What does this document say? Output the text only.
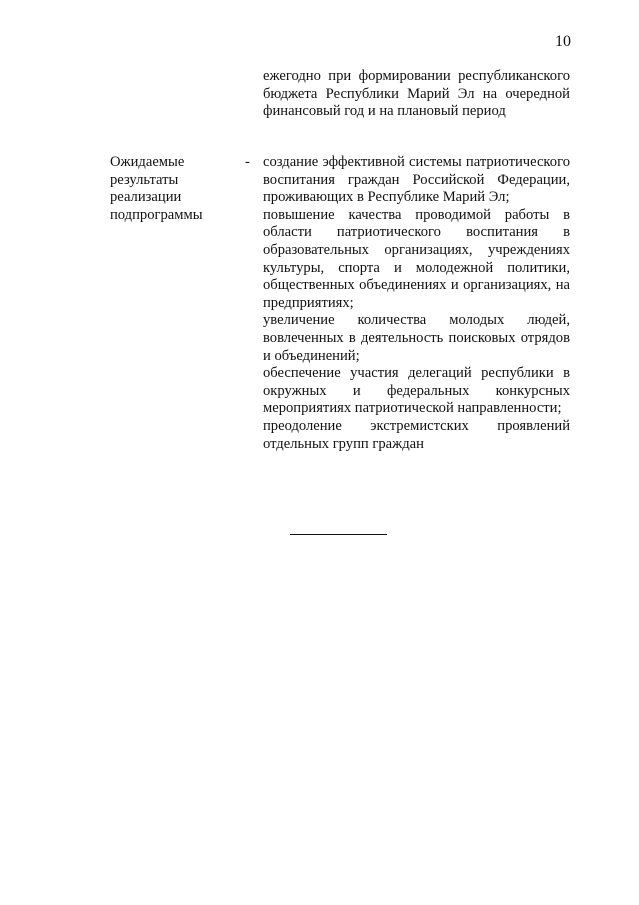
10
ежегодно при формировании республиканского бюджета Республики Марий Эл на очередной финансовый год и на плановый период
Ожидаемые результаты реализации подпрограммы
- создание эффективной системы патриотического воспитания граждан Российской Федерации, проживающих в Республике Марий Эл;
повышение качества проводимой работы в области патриотического воспитания в образовательных организациях, учреждениях культуры, спорта и молодежной политики, общественных объединениях и организациях, на предприятиях;
увеличение количества молодых людей, вовлеченных в деятельность поисковых отрядов и объединений;
обеспечение участия делегаций республики в окружных и федеральных конкурсных мероприятиях патриотической направленности;
преодоление экстремистских проявлений отдельных групп граждан
